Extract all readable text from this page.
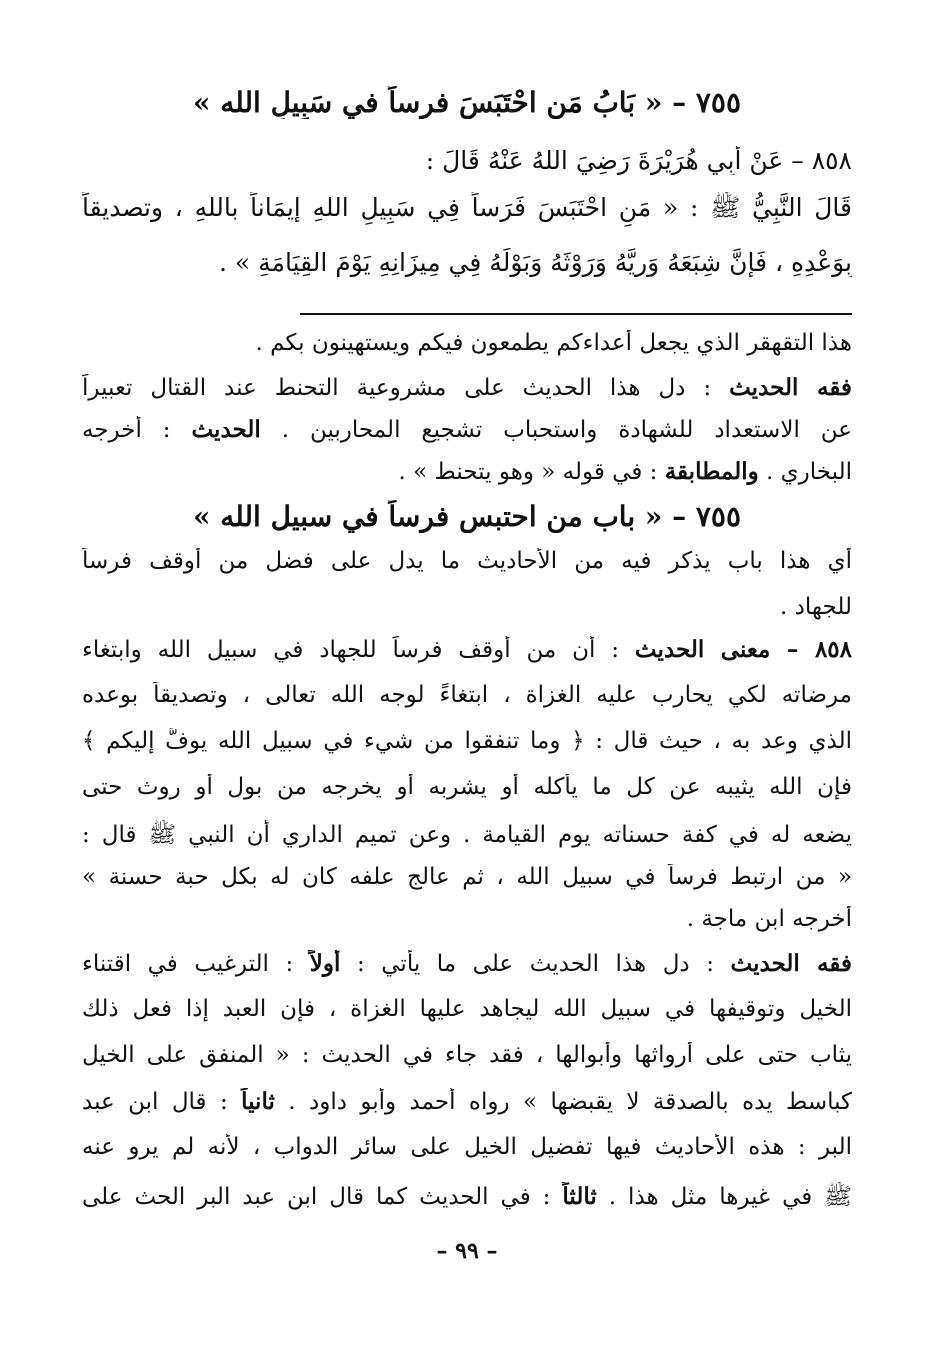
٧٥٥ – « بَابُ مَنِ احْتَبَسَ فرساً في سَبِيلِ الله »
٨٥٨ – عَنْ أَبِي هُرَيْرَةَ رَضِيَ اللهُ عَنْهُ قَالَ :
قَالَ النَّبِيُّ ﷺ : « مَنِ احْتَبَسَ فَرَساً فِي سَبِيلِ اللهِ إيمَاناً باللهِ ، وتصديقاً
بِوَعْدِهِ ، فَإِنَّ شِبَعَهُ وَرِيَّهُ وَرَوْثَهُ وَبَوْلَهُ فِي مِيزَانِهِ يَوْمَ القِيَامَةِ » .
هذا التقهقر الذي يجعل أعداءكم يطمعون فيكم ويستهينون بكم .
فقه الحديث : دل هذا الحديث على مشروعية التحنط عند القتال تعبيراً
عن الاستعداد للشهادة واستحباب تشجيع المحاربين . الحديث : أخرجه
البخاري . والمطابقة : في قوله « وهو يتحنط » .
٧٥٥ – « باب من احتبس فرساً في سبيل الله »
أي هذا باب يذكر فيه من الأحاديث ما يدل على فضل من أوقف فرساً
للجهاد .
٨٥٨ – معنى الحديث : أن من أوقف فرساً للجهاد في سبيل الله وابتغاء
مرضاته لكي يحارب عليه الغزاة ، ابتغاءً لوجه الله تعالى ، وتصديقاً بوعده
الذي وعد به ، حيث قال : ﴿ وما تنفقوا من شيء في سبيل الله يوفَّ إليكم ﴾
فإن الله يثيبه عن كل ما يأكله أو يشربه أو يخرجه من بول أو روث حتى
يضعه له في كفة حسناته يوم القيامة . وعن تميم الداري أن النبي ﷺ قال :
« من ارتبط فرساً في سبيل الله ، ثم عالج علفه كان له بكل حبة حسنة »
أخرجه ابن ماجة .
فقه الحديث : دل هذا الحديث على ما يأتي : أولاً : الترغيب في اقتناء
الخيل وتوقيفها في سبيل الله ليجاهد عليها الغزاة ، فإن العبد إذا فعل ذلك
يثاب حتى على أرواثها وأبوالها ، فقد جاء في الحديث : « المنفق على الخيل
كباسط يده بالصدقة لا يقبضها » رواه أحمد وأبو داود . ثانياً : قال ابن عبد
البر : هذه الأحاديث فيها تفضيل الخيل على سائر الدواب ، لأنه لم يرو عنه
ﷺ في غيرها مثل هذا . ثالثاً : في الحديث كما قال ابن عبد البر الحث على
– ٩٩ –
